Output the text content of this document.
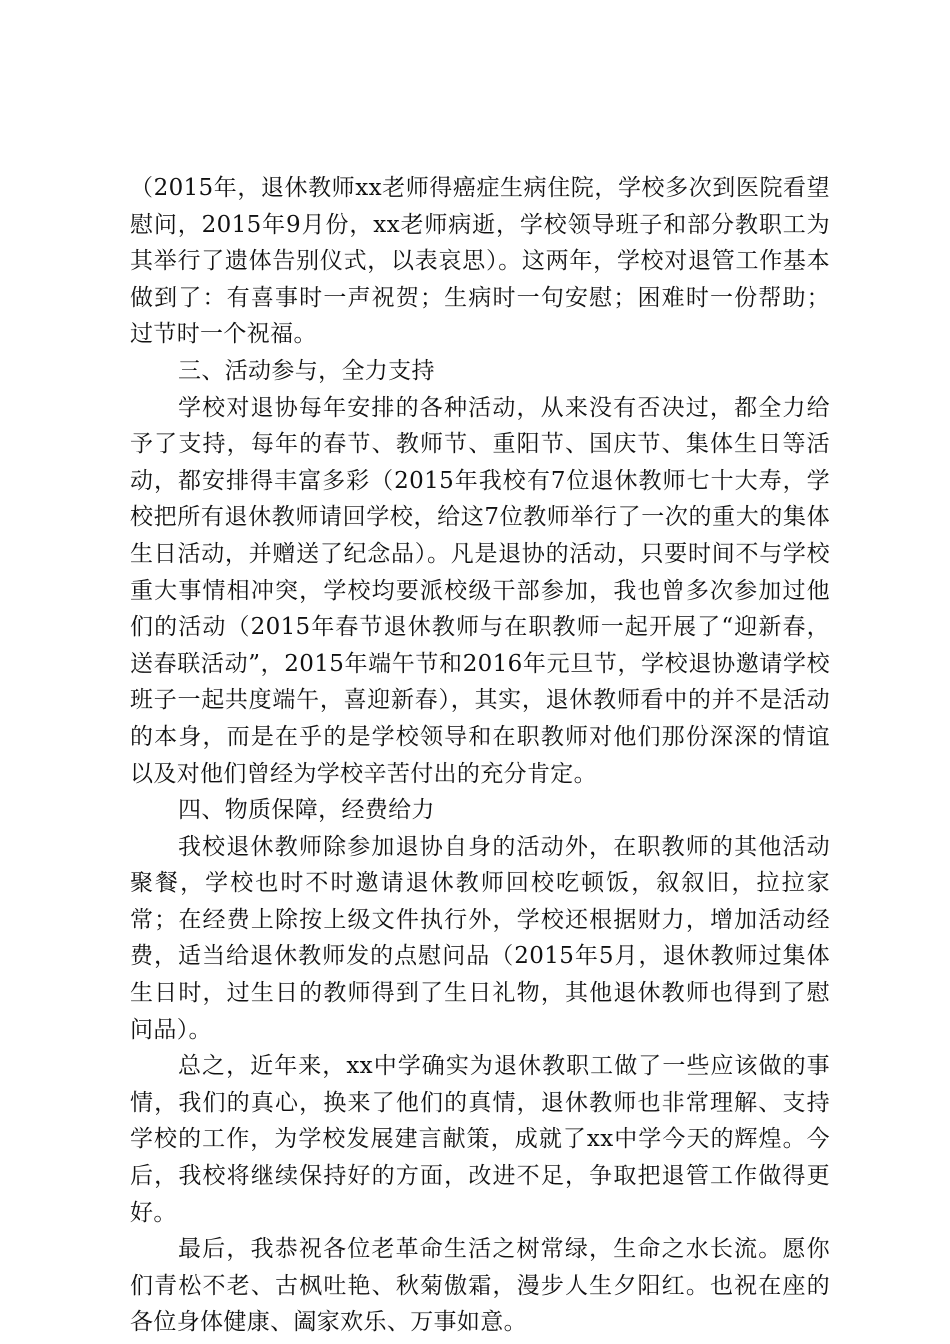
（2015年，退休教师xx老师得癌症生病住院，学校多次到医院看望慰问，2015年9月份，xx老师病逝，学校领导班子和部分教职工为其举行了遗体告别仪式，以表哀思）。这两年，学校对退管工作基本做到了：有喜事时一声祝贺；生病时一句安慰；困难时一份帮助；过节时一个祝福。

三、活动参与，全力支持

学校对退协每年安排的各种活动，从来没有否决过，都全力给予了支持，每年的春节、教师节、重阳节、国庆节、集体生日等活动，都安排得丰富多彩（2015年我校有7位退休教师七十大寿，学校把所有退休教师请回学校，给这7位教师举行了一次的重大的集体生日活动，并赠送了纪念品）。凡是退协的活动，只要时间不与学校重大事情相冲突，学校均要派校级干部参加，我也曾多次参加过他们的活动（2015年春节退休教师与在职教师一起开展了“迎新春，送春联活动”，2015年端午节和2016年元旦节，学校退协邀请学校班子一起共度端午，喜迎新春），其实，退休教师看中的并不是活动的本身，而是在乎的是学校领导和在职教师对他们那份深深的情谊以及对他们曾经为学校辛苦付出的充分肯定。

四、物质保障，经费给力

我校退休教师除参加退协自身的活动外，在职教师的其他活动聚餐，学校也时不时邀请退休教师回校吃顿饭，叙叙旧，拉拉家常；在经费上除按上级文件执行外，学校还根据财力，增加活动经费，适当给退休教师发的点慰问品（2015年5月，退休教师过集体生日时，过生日的教师得到了生日礼物，其他退休教师也得到了慰问品）。

总之，近年来，xx中学确实为退休教职工做了一些应该做的事情，我们的真心，换来了他们的真情，退休教师也非常理解、支持学校的工作，为学校发展建言献策，成就了xx中学今天的辉煌。今后，我校将继续保持好的方面，改进不足，争取把退管工作做得更好。

最后，我恭祝各位老革命生活之树常绿，生命之水长流。愿你们青松不老、古枫吐艳、秋菊傲霜，漫步人生夕阳红。也祝在座的各位身体健康、阖家欢乐、万事如意。
